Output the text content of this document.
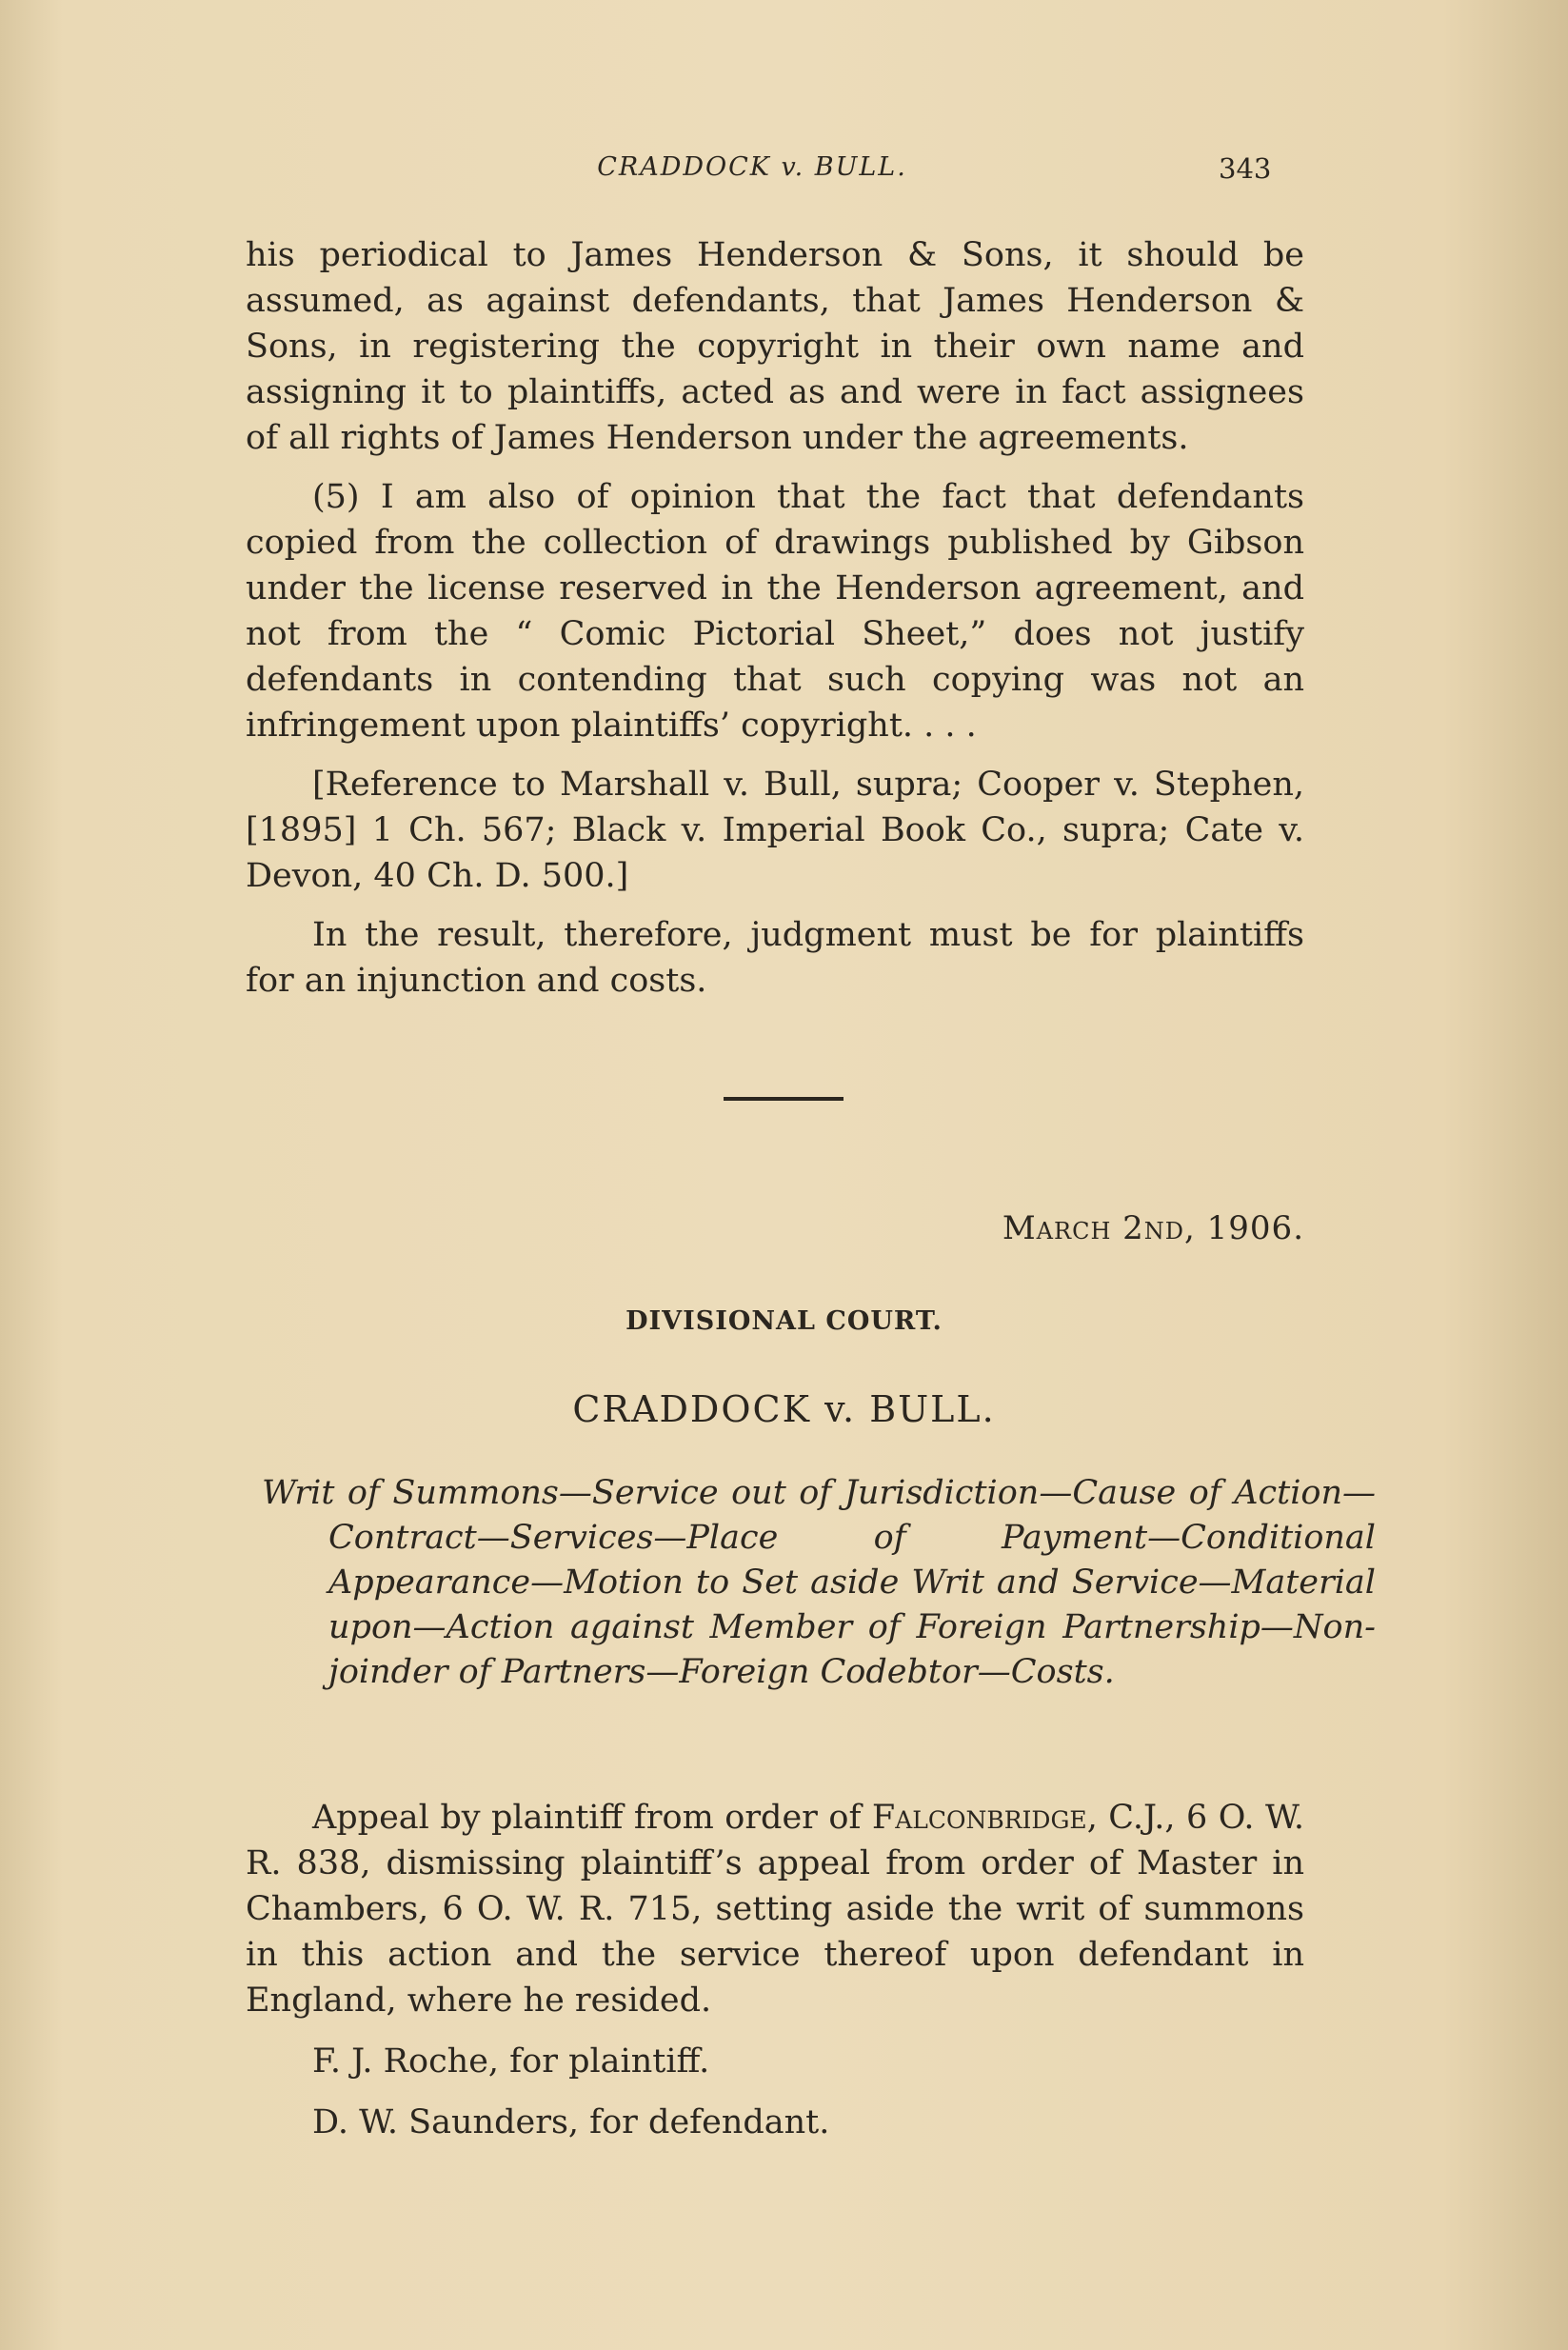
CRADDOCK v. BULL.	343

his periodical to James Henderson & Sons, it should be assumed, as against defendants, that James Henderson & Sons, in registering the copyright in their own name and assigning it to plaintiffs, acted as and were in fact assignees of all rights of James Henderson under the agreements.

(5) I am also of opinion that the fact that defendants copied from the collection of drawings published by Gibson under the license reserved in the Henderson agreement, and not from the “ Comic Pictorial Sheet,” does not justify defendants in contending that such copying was not an infringement upon plaintiffs’ copyright. . . .

[Reference to Marshall v. Bull, supra; Cooper v. Stephen, [1895] 1 Ch. 567; Black v. Imperial Book Co., supra; Cate v. Devon, 40 Ch. D. 500.]

In the result, therefore, judgment must be for plaintiffs for an injunction and costs.

March 2nd, 1906.
DIVISIONAL COURT.
CRADDOCK v. BULL.

Writ of Summons—Service out of Jurisdiction—Cause of Action—Contract—Services—Place of Payment—Conditional Appearance—Motion to Set aside Writ and Service—Material upon—Action against Member of Foreign Partnership—Non-joinder of Partners—Foreign Codebtor—Costs.

Appeal by plaintiff from order of Falconbridge, C.J., 6 O. W. R. 838, dismissing plaintiff’s appeal from order of Master in Chambers, 6 O. W. R. 715, setting aside the writ of summons in this action and the service thereof upon defendant in England, where he resided.

F. J. Roche, for plaintiff.

D. W. Saunders, for defendant.
